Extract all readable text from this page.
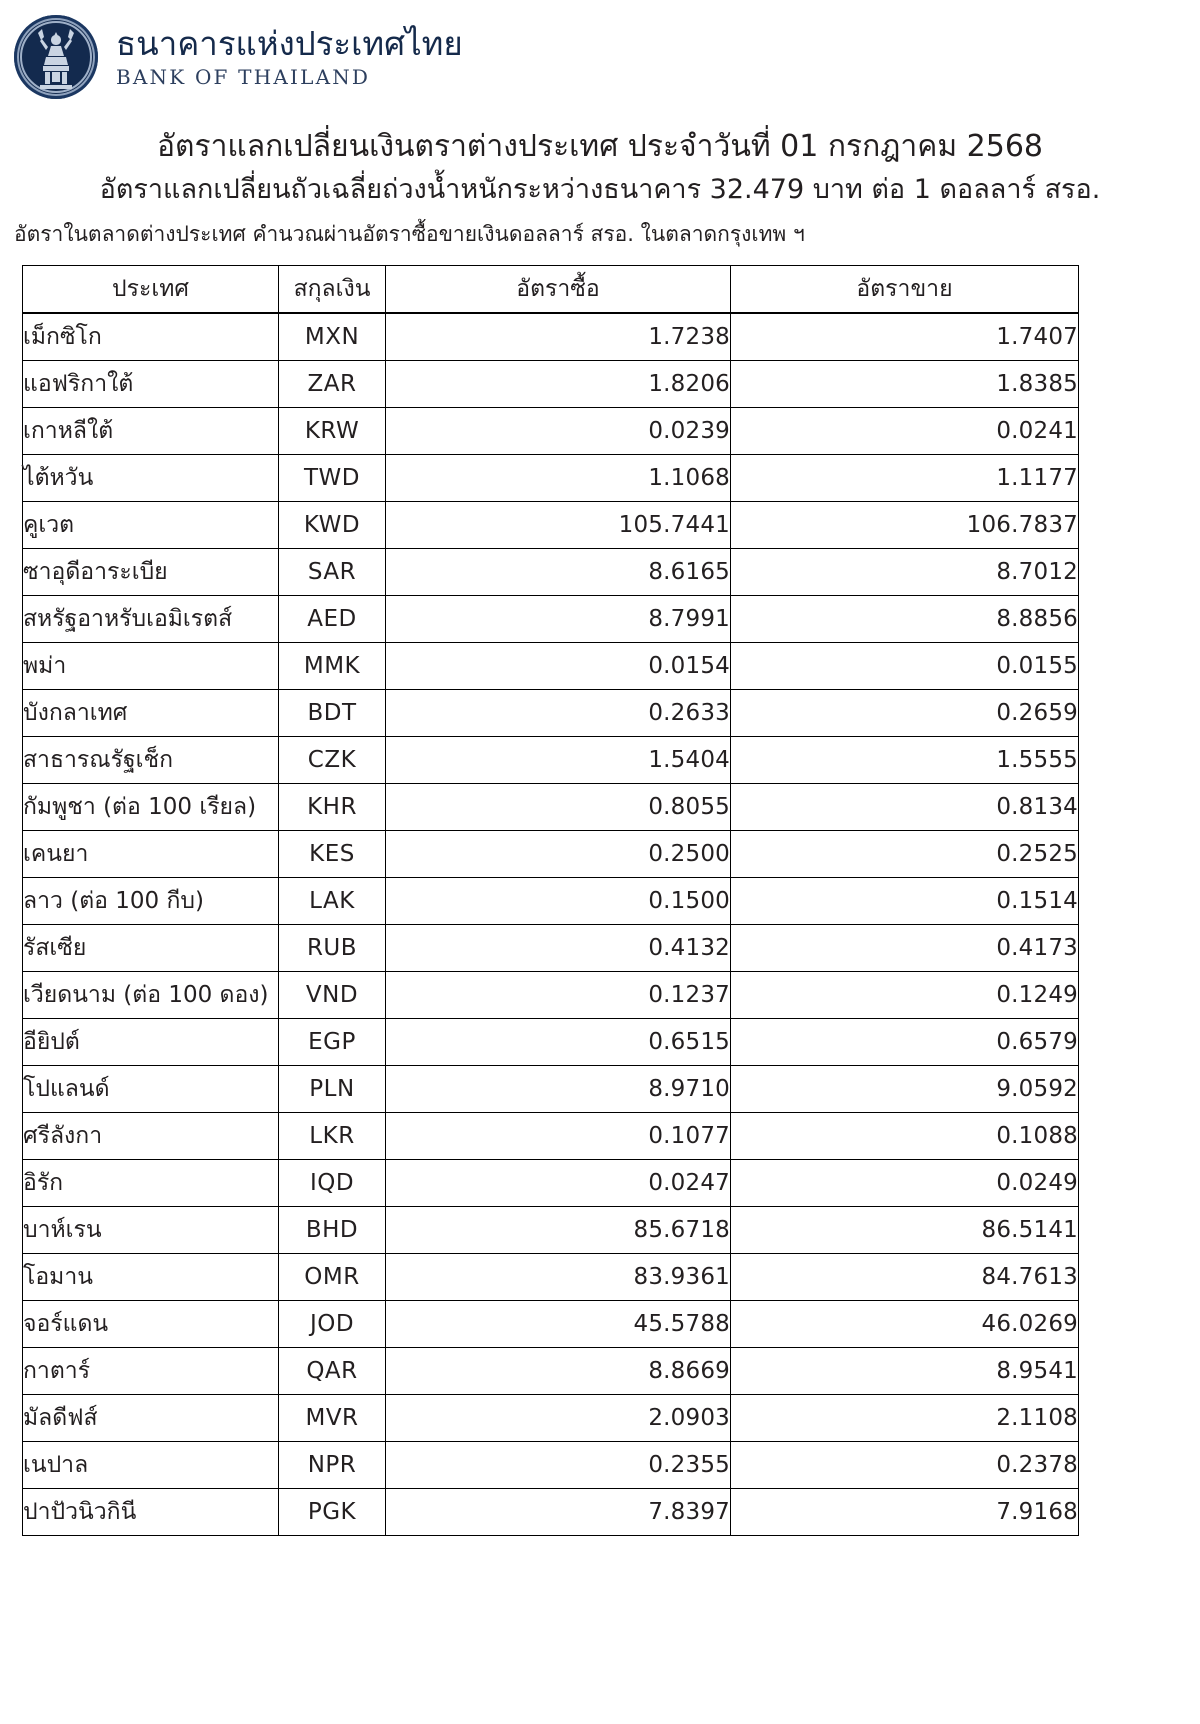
ธนาคารแห่งประเทศไทย
BANK OF THAILAND
อัตราแลกเปลี่ยนเงินตราต่างประเทศ ประจำวันที่ 01 กรกฎาคม 2568
อัตราแลกเปลี่ยนถัวเฉลี่ยถ่วงน้ำหนักระหว่างธนาคาร 32.479 บาท ต่อ 1 ดอลลาร์ สรอ.
อัตราในตลาดต่างประเทศ คำนวณผ่านอัตราซื้อขายเงินดอลลาร์ สรอ. ในตลาดกรุงเทพ ฯ
ประเทศ	สกุลเงิน	อัตราซื้อ	อัตราขาย
เม็กซิโก	MXN	1.7238	1.7407
แอฟริกาใต้	ZAR	1.8206	1.8385
เกาหลีใต้	KRW	0.0239	0.0241
ไต้หวัน	TWD	1.1068	1.1177
คูเวต	KWD	105.7441	106.7837
ซาอุดีอาระเบีย	SAR	8.6165	8.7012
สหรัฐอาหรับเอมิเรตส์	AED	8.7991	8.8856
พม่า	MMK	0.0154	0.0155
บังกลาเทศ	BDT	0.2633	0.2659
สาธารณรัฐเช็ก	CZK	1.5404	1.5555
กัมพูชา (ต่อ 100 เรียล)	KHR	0.8055	0.8134
เคนยา	KES	0.2500	0.2525
ลาว (ต่อ 100 กีบ)	LAK	0.1500	0.1514
รัสเซีย	RUB	0.4132	0.4173
เวียดนาม (ต่อ 100 ดอง)	VND	0.1237	0.1249
อียิปต์	EGP	0.6515	0.6579
โปแลนด์	PLN	8.9710	9.0592
ศรีลังกา	LKR	0.1077	0.1088
อิรัก	IQD	0.0247	0.0249
บาห์เรน	BHD	85.6718	86.5141
โอมาน	OMR	83.9361	84.7613
จอร์แดน	JOD	45.5788	46.0269
กาตาร์	QAR	8.8669	8.9541
มัลดีฟส์	MVR	2.0903	2.1108
เนปาล	NPR	0.2355	0.2378
ปาปัวนิวกินี	PGK	7.8397	7.9168
